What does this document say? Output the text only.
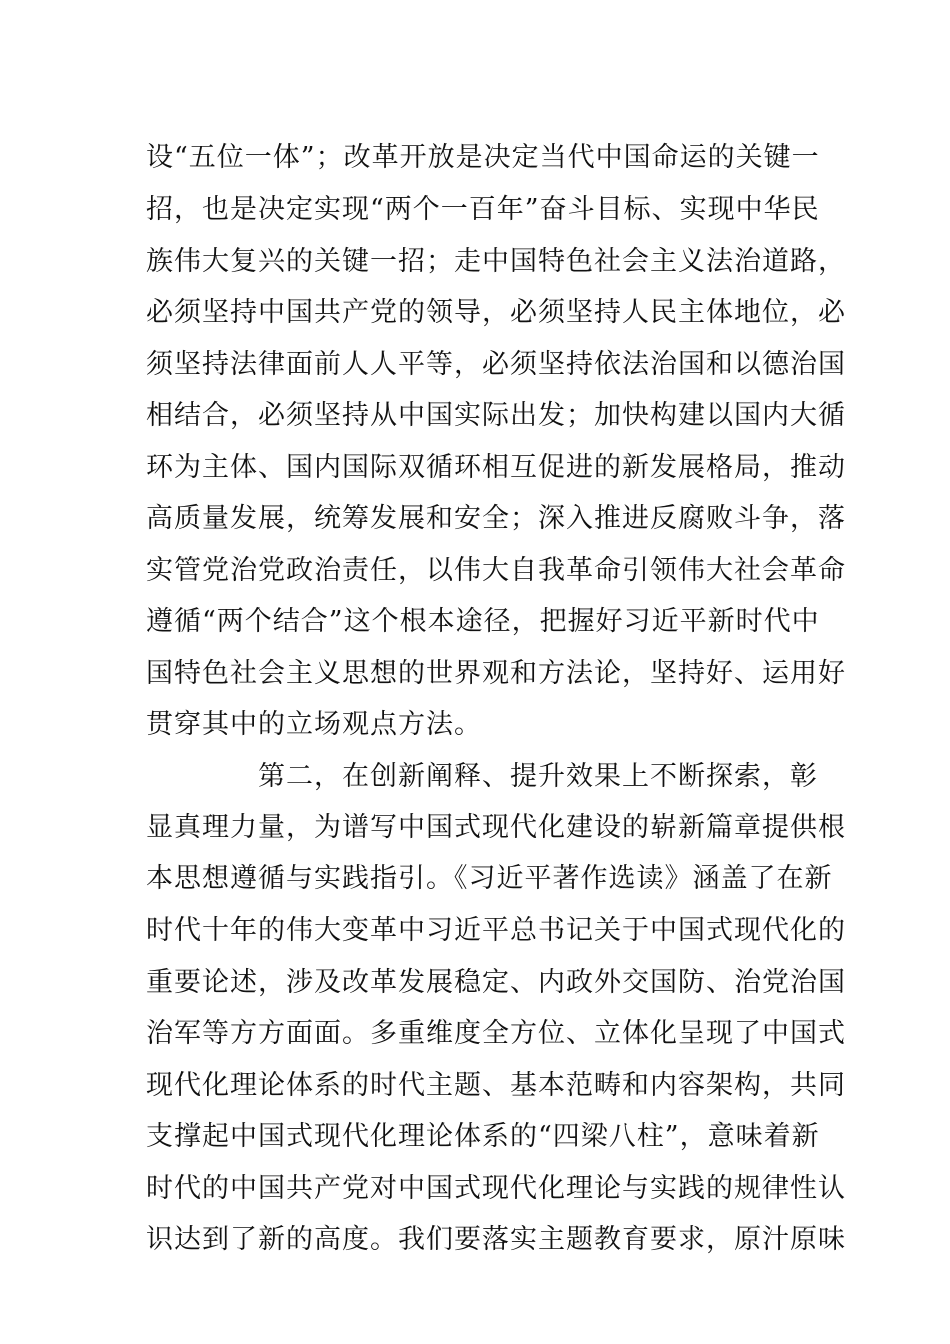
设“五位一体”；改革开放是决定当代中国命运的关键一
招，也是决定实现“两个一百年”奋斗目标、实现中华民
族伟大复兴的关键一招；走中国特色社会主义法治道路，
必须坚持中国共产党的领导，必须坚持人民主体地位，必
须坚持法律面前人人平等，必须坚持依法治国和以德治国
相结合，必须坚持从中国实际出发；加快构建以国内大循
环为主体、国内国际双循环相互促进的新发展格局，推动
高质量发展，统筹发展和安全；深入推进反腐败斗争，落
实管党治党政治责任，以伟大自我革命引领伟大社会革命
遵循“两个结合”这个根本途径，把握好习近平新时代中
国特色社会主义思想的世界观和方法论，坚持好、运用好
贯穿其中的立场观点方法。
第二，在创新阐释、提升效果上不断探索，彰
显真理力量，为谱写中国式现代化建设的崭新篇章提供根
本思想遵循与实践指引。《习近平著作选读》涵盖了在新
时代十年的伟大变革中习近平总书记关于中国式现代化的
重要论述，涉及改革发展稳定、内政外交国防、治党治国
治军等方方面面。多重维度全方位、立体化呈现了中国式
现代化理论体系的时代主题、基本范畴和内容架构，共同
支撑起中国式现代化理论体系的“四梁八柱”，意味着新
时代的中国共产党对中国式现代化理论与实践的规律性认
识达到了新的高度。我们要落实主题教育要求，原汁原味
